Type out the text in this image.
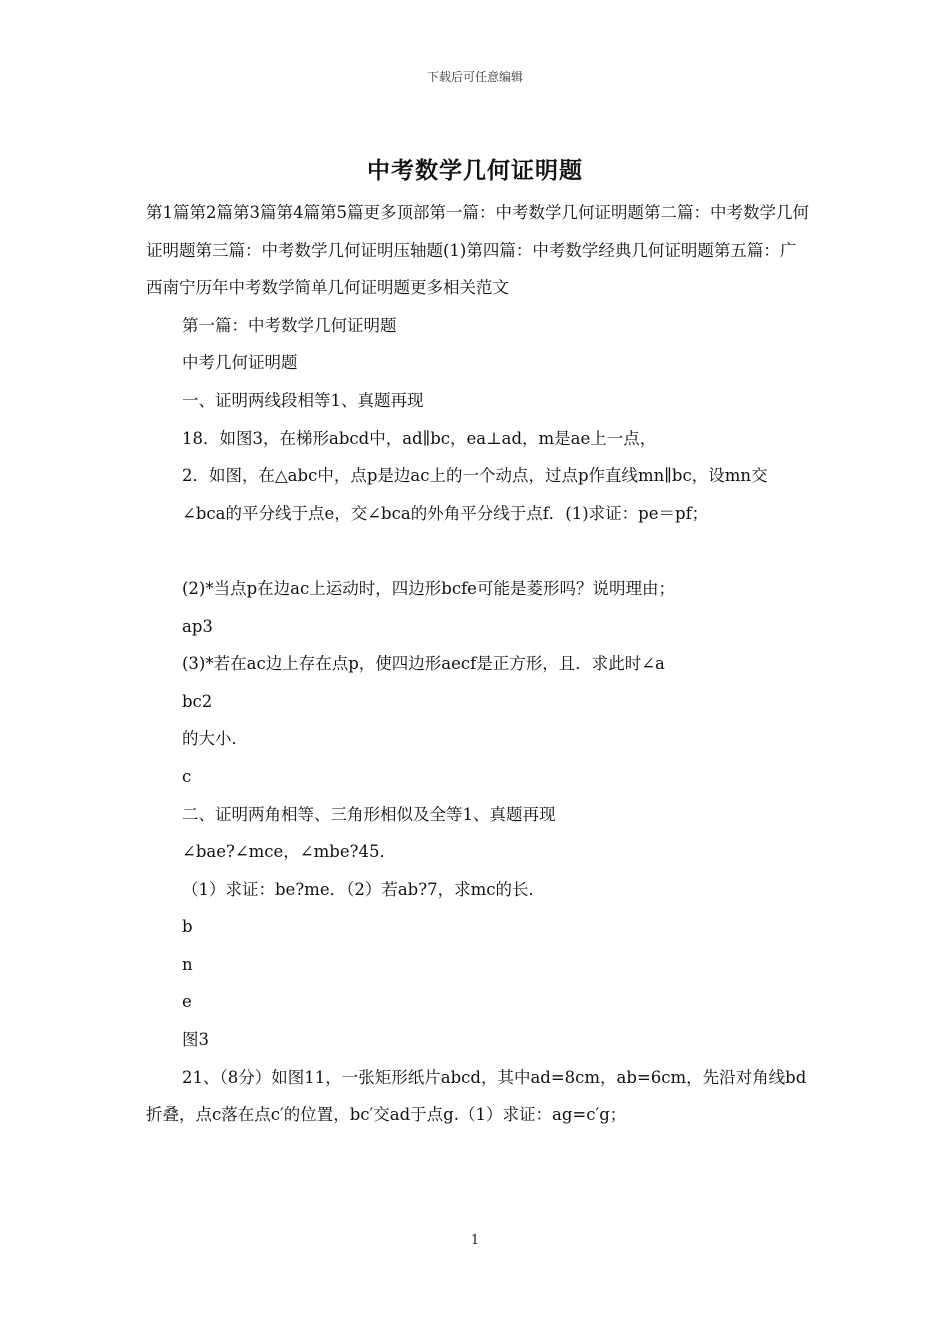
下载后可任意编辑
中考数学几何证明题

第1篇第2篇第3篇第4篇第5篇更多顶部第一篇：中考数学几何证明题第二篇：中考数学几何证明题第三篇：中考数学几何证明压轴题(1)第四篇：中考数学经典几何证明题第五篇：广西南宁历年中考数学简单几何证明题更多相关范文

第一篇：中考数学几何证明题

中考几何证明题

一、证明两线段相等1、真题再现

18．如图3，在梯形abcd中，ad∥bc，ea⊥ad，m是ae上一点，

2．如图，在△abc中，点p是边ac上的一个动点，过点p作直线mn∥bc，设mn交

∠bca的平分线于点e，交∠bca的外角平分线于点f．(1)求证：pe＝pf；

(2)*当点p在边ac上运动时，四边形bcfe可能是菱形吗？说明理由；

ap3

(3)*若在ac边上存在点p，使四边形aecf是正方形，且．求此时∠a

bc2

的大小．

c

二、证明两角相等、三角形相似及全等1、真题再现

∠bae?∠mce，∠mbe?45．

（1）求证：be?me．（2）若ab?7，求mc的长．

b

n

e

图3

21、（8分）如图11，一张矩形纸片abcd，其中ad=8cm，ab=6cm，先沿对角线bd折叠，点c落在点c′的位置，bc′交ad于点g.（1）求证：ag=c′g；

1
